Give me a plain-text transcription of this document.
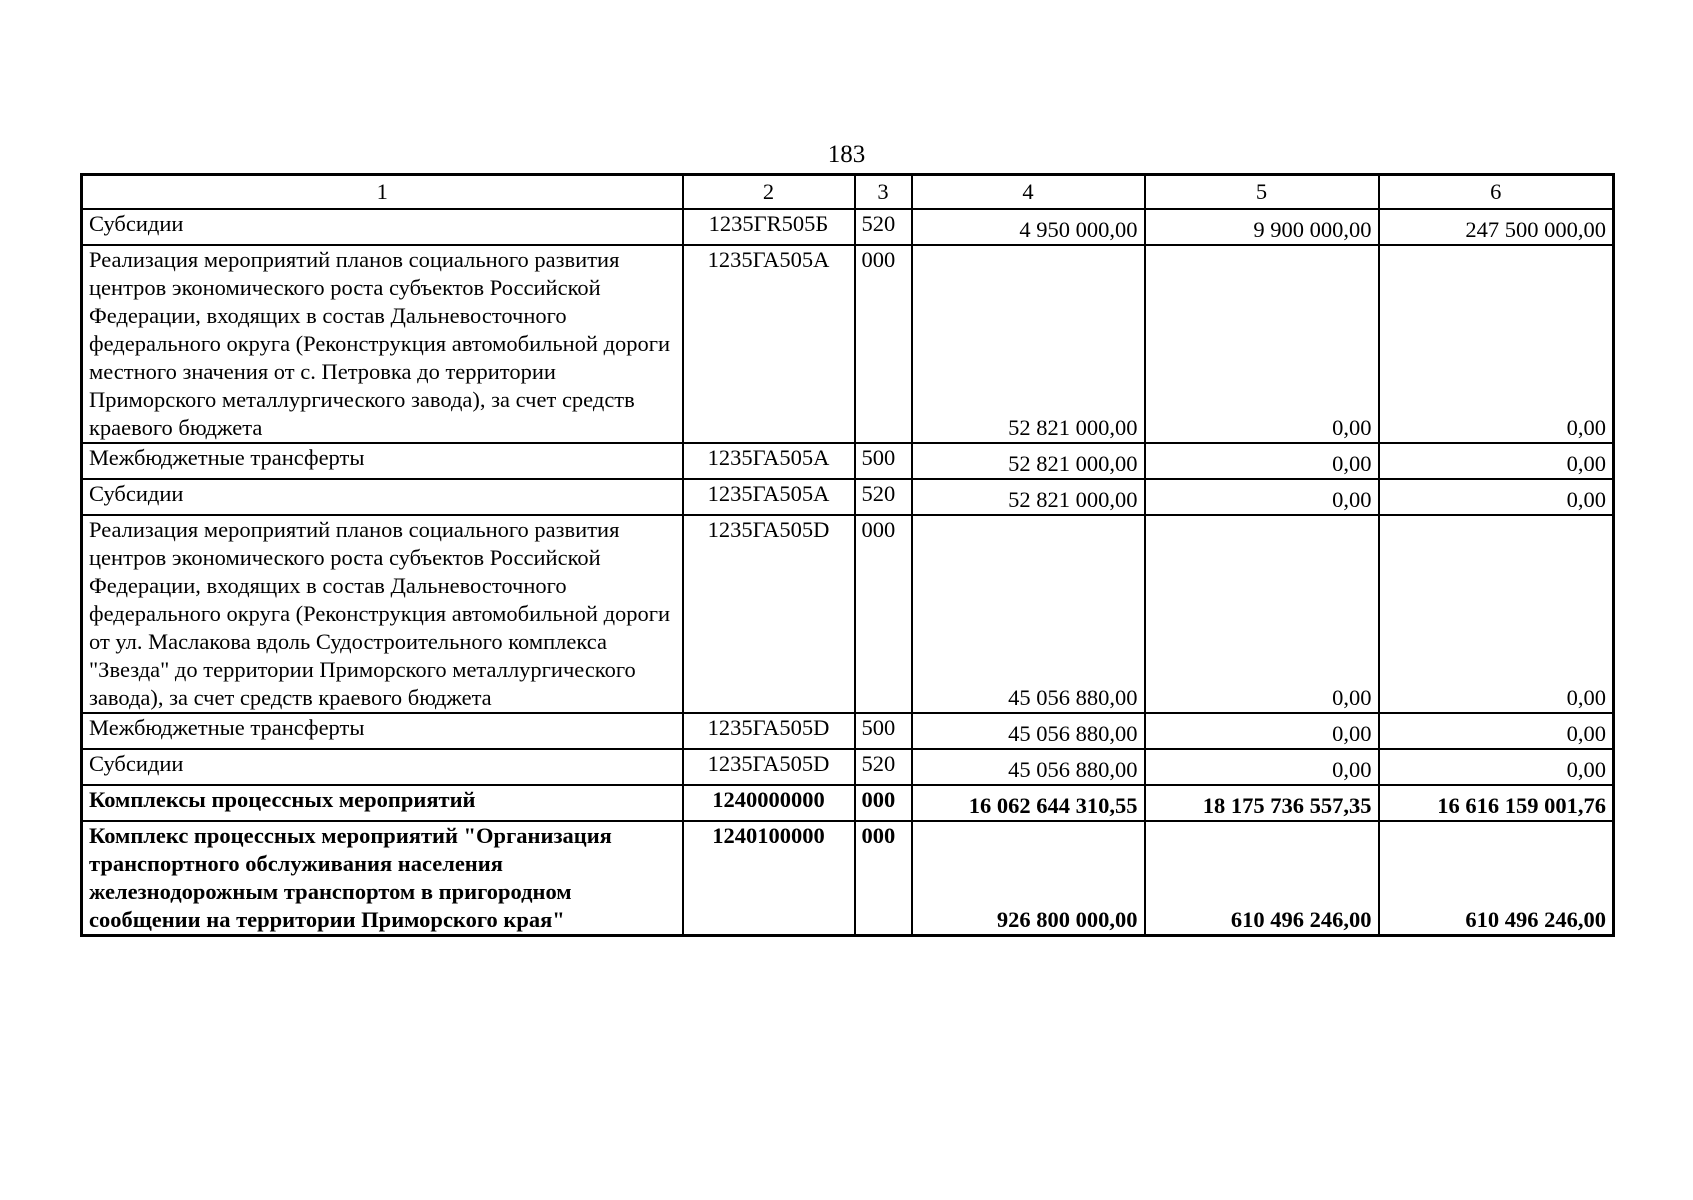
183
1	2	3	4	5	6
Субсидии	1235ГR505Б	520	4 950 000,00	9 900 000,00	247 500 000,00
Реализация мероприятий планов социального развития центров экономического роста субъектов Российской Федерации, входящих в состав Дальневосточного федерального округа (Реконструкция автомобильной дороги местного значения от с. Петровка до территории Приморского металлургического завода), за счет средств краевого бюджета	1235ГА505А	000	52 821 000,00	0,00	0,00
Межбюджетные трансферты	1235ГА505А	500	52 821 000,00	0,00	0,00
Субсидии	1235ГА505А	520	52 821 000,00	0,00	0,00
Реализация мероприятий планов социального развития центров экономического роста субъектов Российской Федерации, входящих в состав Дальневосточного федерального округа (Реконструкция автомобильной дороги от ул. Маслакова вдоль Судостроительного комплекса "Звезда" до территории Приморского металлургического завода), за счет средств краевого бюджета	1235ГА505D	000	45 056 880,00	0,00	0,00
Межбюджетные трансферты	1235ГА505D	500	45 056 880,00	0,00	0,00
Субсидии	1235ГА505D	520	45 056 880,00	0,00	0,00
Комплексы процессных мероприятий	1240000000	000	16 062 644 310,55	18 175 736 557,35	16 616 159 001,76
Комплекс процессных мероприятий "Организация транспортного обслуживания населения железнодорожным транспортом в пригородном сообщении на территории Приморского края"	1240100000	000	926 800 000,00	610 496 246,00	610 496 246,00
